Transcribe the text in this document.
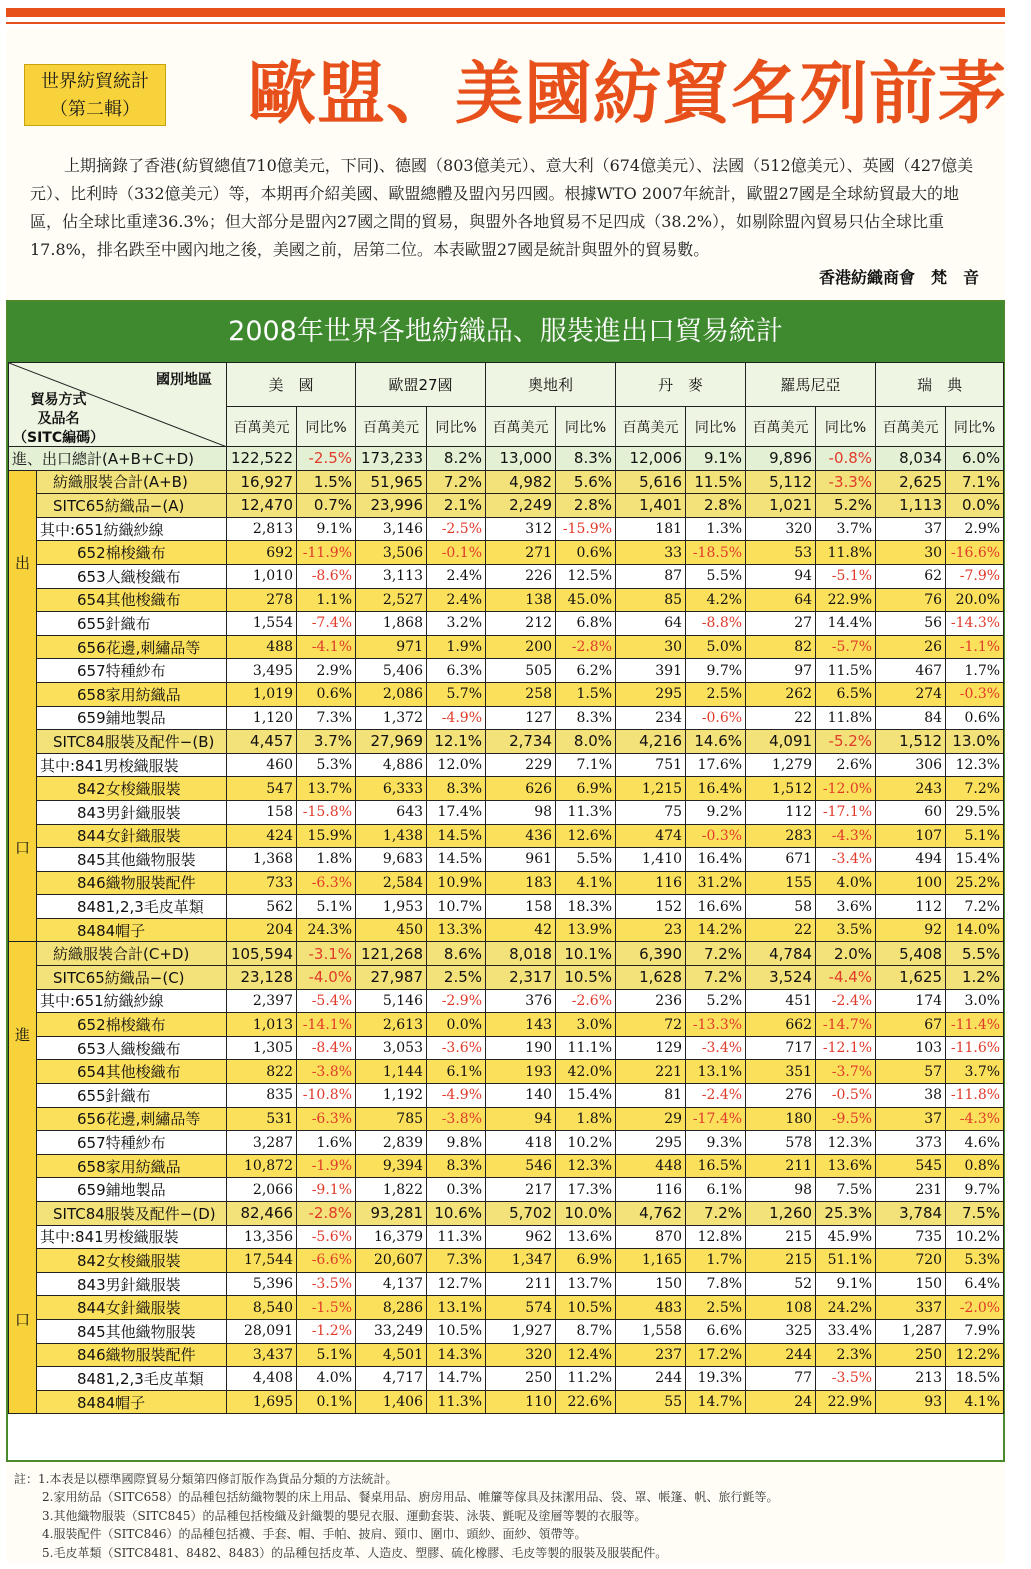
世界紡貿統計
（第二輯）	歐盟、美國紡貿名列前茅

上期摘錄了香港(紡貿總值710億美元，下同)、德國（803億美元）、意大利（674億美元）、法國（512億美元）、英國（427億美元）、比利時（332億美元）等，本期再介紹美國、歐盟總體及盟內另四國。根據WTO 2007年統計，歐盟27國是全球紡貿最大的地區，佔全球比重達36.3%；但大部分是盟內27國之間的貿易，與盟外各地貿易不足四成（38.2%），如剔除盟內貿易只佔全球比重17.8%，排名跌至中國內地之後，美國之前，居第二位。本表歐盟27國是統計與盟外的貿易數。

香港紡織商會　梵　音
2008年世界各地紡織品、服裝進出口貿易統計
國別地區
貿易方式
及品名
（SITC編碼）		美　國		歐盟27國		奧地利		丹　麥		羅馬尼亞		瑞　典	
		百萬美元	同比%	百萬美元	同比%	百萬美元	同比%	百萬美元	同比%	百萬美元	同比%	百萬美元	同比%
進、出口總計(A+B+C+D)		122,522	-2.5%	173,233	8.2%	13,000	8.3%	12,006	9.1%	9,896	-0.8%	8,034	6.0%

出
口	紡織服裝合計(A+B)	16,927	1.5%	51,965	7.2%	4,982	5.6%	5,616	11.5%	5,112	-3.3%	2,625	7.1%
	SITC65紡織品−(A)	12,470	0.7%	23,996	2.1%	2,249	2.8%	1,401	2.8%	1,021	5.2%	1,113	0.0%
	其中:651紡織紗線	2,813	9.1%	3,146	-2.5%	312	-15.9%	181	1.3%	320	3.7%	37	2.9%
	652棉梭織布	692	-11.9%	3,506	-0.1%	271	0.6%	33	-18.5%	53	11.8%	30	-16.6%
	653人織梭織布	1,010	-8.6%	3,113	2.4%	226	12.5%	87	5.5%	94	-5.1%	62	-7.9%
	654其他梭織布	278	1.1%	2,527	2.4%	138	45.0%	85	4.2%	64	22.9%	76	20.0%
	655針織布	1,554	-7.4%	1,868	3.2%	212	6.8%	64	-8.8%	27	14.4%	56	-14.3%
	656花邊,刺繡品等	488	-4.1%	971	1.9%	200	-2.8%	30	5.0%	82	-5.7%	26	-1.1%
	657特種紗布	3,495	2.9%	5,406	6.3%	505	6.2%	391	9.7%	97	11.5%	467	1.7%
	658家用紡織品	1,019	0.6%	2,086	5.7%	258	1.5%	295	2.5%	262	6.5%	274	-0.3%
	659鋪地製品	1,120	7.3%	1,372	-4.9%	127	8.3%	234	-0.6%	22	11.8%	84	0.6%
	SITC84服裝及配件−(B)	4,457	3.7%	27,969	12.1%	2,734	8.0%	4,216	14.6%	4,091	-5.2%	1,512	13.0%
	其中:841男梭織服裝	460	5.3%	4,886	12.0%	229	7.1%	751	17.6%	1,279	2.6%	306	12.3%
	842女梭織服裝	547	13.7%	6,333	8.3%	626	6.9%	1,215	16.4%	1,512	-12.0%	243	7.2%
	843男針織服裝	158	-15.8%	643	17.4%	98	11.3%	75	9.2%	112	-17.1%	60	29.5%
	844女針織服裝	424	15.9%	1,438	14.5%	436	12.6%	474	-0.3%	283	-4.3%	107	5.1%
	845其他織物服裝	1,368	1.8%	9,683	14.5%	961	5.5%	1,410	16.4%	671	-3.4%	494	15.4%
	846織物服裝配件	733	-6.3%	2,584	10.9%	183	4.1%	116	31.2%	155	4.0%	100	25.2%
	8481,2,3毛皮革類	562	5.1%	1,953	10.7%	158	18.3%	152	16.6%	58	3.6%	112	7.2%
	8484帽子	204	24.3%	450	13.3%	42	13.9%	23	14.2%	22	3.5%	92	14.0%

進
口	紡織服裝合計(C+D)	105,594	-3.1%	121,268	8.6%	8,018	10.1%	6,390	7.2%	4,784	2.0%	5,408	5.5%
	SITC65紡織品−(C)	23,128	-4.0%	27,987	2.5%	2,317	10.5%	1,628	7.2%	3,524	-4.4%	1,625	1.2%
	其中:651紡織紗線	2,397	-5.4%	5,146	-2.9%	376	-2.6%	236	5.2%	451	-2.4%	174	3.0%
	652棉梭織布	1,013	-14.1%	2,613	0.0%	143	3.0%	72	-13.3%	662	-14.7%	67	-11.4%
	653人織梭織布	1,305	-8.4%	3,053	-3.6%	190	11.1%	129	-3.4%	717	-12.1%	103	-11.6%
	654其他梭織布	822	-3.8%	1,144	6.1%	193	42.0%	221	13.1%	351	-3.7%	57	3.7%
	655針織布	835	-10.8%	1,192	-4.9%	140	15.4%	81	-2.4%	276	-0.5%	38	-11.8%
	656花邊,刺繡品等	531	-6.3%	785	-3.8%	94	1.8%	29	-17.4%	180	-9.5%	37	-4.3%
	657特種紗布	3,287	1.6%	2,839	9.8%	418	10.2%	295	9.3%	578	12.3%	373	4.6%
	658家用紡織品	10,872	-1.9%	9,394	8.3%	546	12.3%	448	16.5%	211	13.6%	545	0.8%
	659鋪地製品	2,066	-9.1%	1,822	0.3%	217	17.3%	116	6.1%	98	7.5%	231	9.7%
	SITC84服裝及配件−(D)	82,466	-2.8%	93,281	10.6%	5,702	10.0%	4,762	7.2%	1,260	25.3%	3,784	7.5%
	其中:841男梭織服裝	13,356	-5.6%	16,379	11.3%	962	13.6%	870	12.8%	215	45.9%	735	10.2%
	842女梭織服裝	17,544	-6.6%	20,607	7.3%	1,347	6.9%	1,165	1.7%	215	51.1%	720	5.3%
	843男針織服裝	5,396	-3.5%	4,137	12.7%	211	13.7%	150	7.8%	52	9.1%	150	6.4%
	844女針織服裝	8,540	-1.5%	8,286	13.1%	574	10.5%	483	2.5%	108	24.2%	337	-2.0%
	845其他織物服裝	28,091	-1.2%	33,249	10.5%	1,927	8.7%	1,558	6.6%	325	33.4%	1,287	7.9%
	846織物服裝配件	3,437	5.1%	4,501	14.3%	320	12.4%	237	17.2%	244	2.3%	250	12.2%
	8481,2,3毛皮革類	4,408	4.0%	4,717	14.7%	250	11.2%	244	19.3%	77	-3.5%	213	18.5%
	8484帽子	1,695	0.1%	1,406	11.3%	110	22.6%	55	14.7%	24	22.9%	93	4.1%
註：1.本表是以標準國際貿易分類第四修訂版作為貨品分類的方法統計。
2.家用紡品（SITC658）的品種包括紡織物製的床上用品、餐桌用品、廚房用品、帷簾等傢具及抹潔用品、袋、罩、帳篷、帆、旅行氈等。
3.其他織物服裝（SITC845）的品種包括梭織及針織製的嬰兒衣服、運動套裝、泳裝、氈呢及塗層等製的衣服等。
4.服裝配件（SITC846）的品種包括襪、手套、帽、手帕、披肩、頸巾、圍巾、頭紗、面紗、領帶等。
5.毛皮革類（SITC8481、8482、8483）的品種包括皮革、人造皮、塑膠、硫化橡膠、毛皮等製的服裝及服裝配件。
